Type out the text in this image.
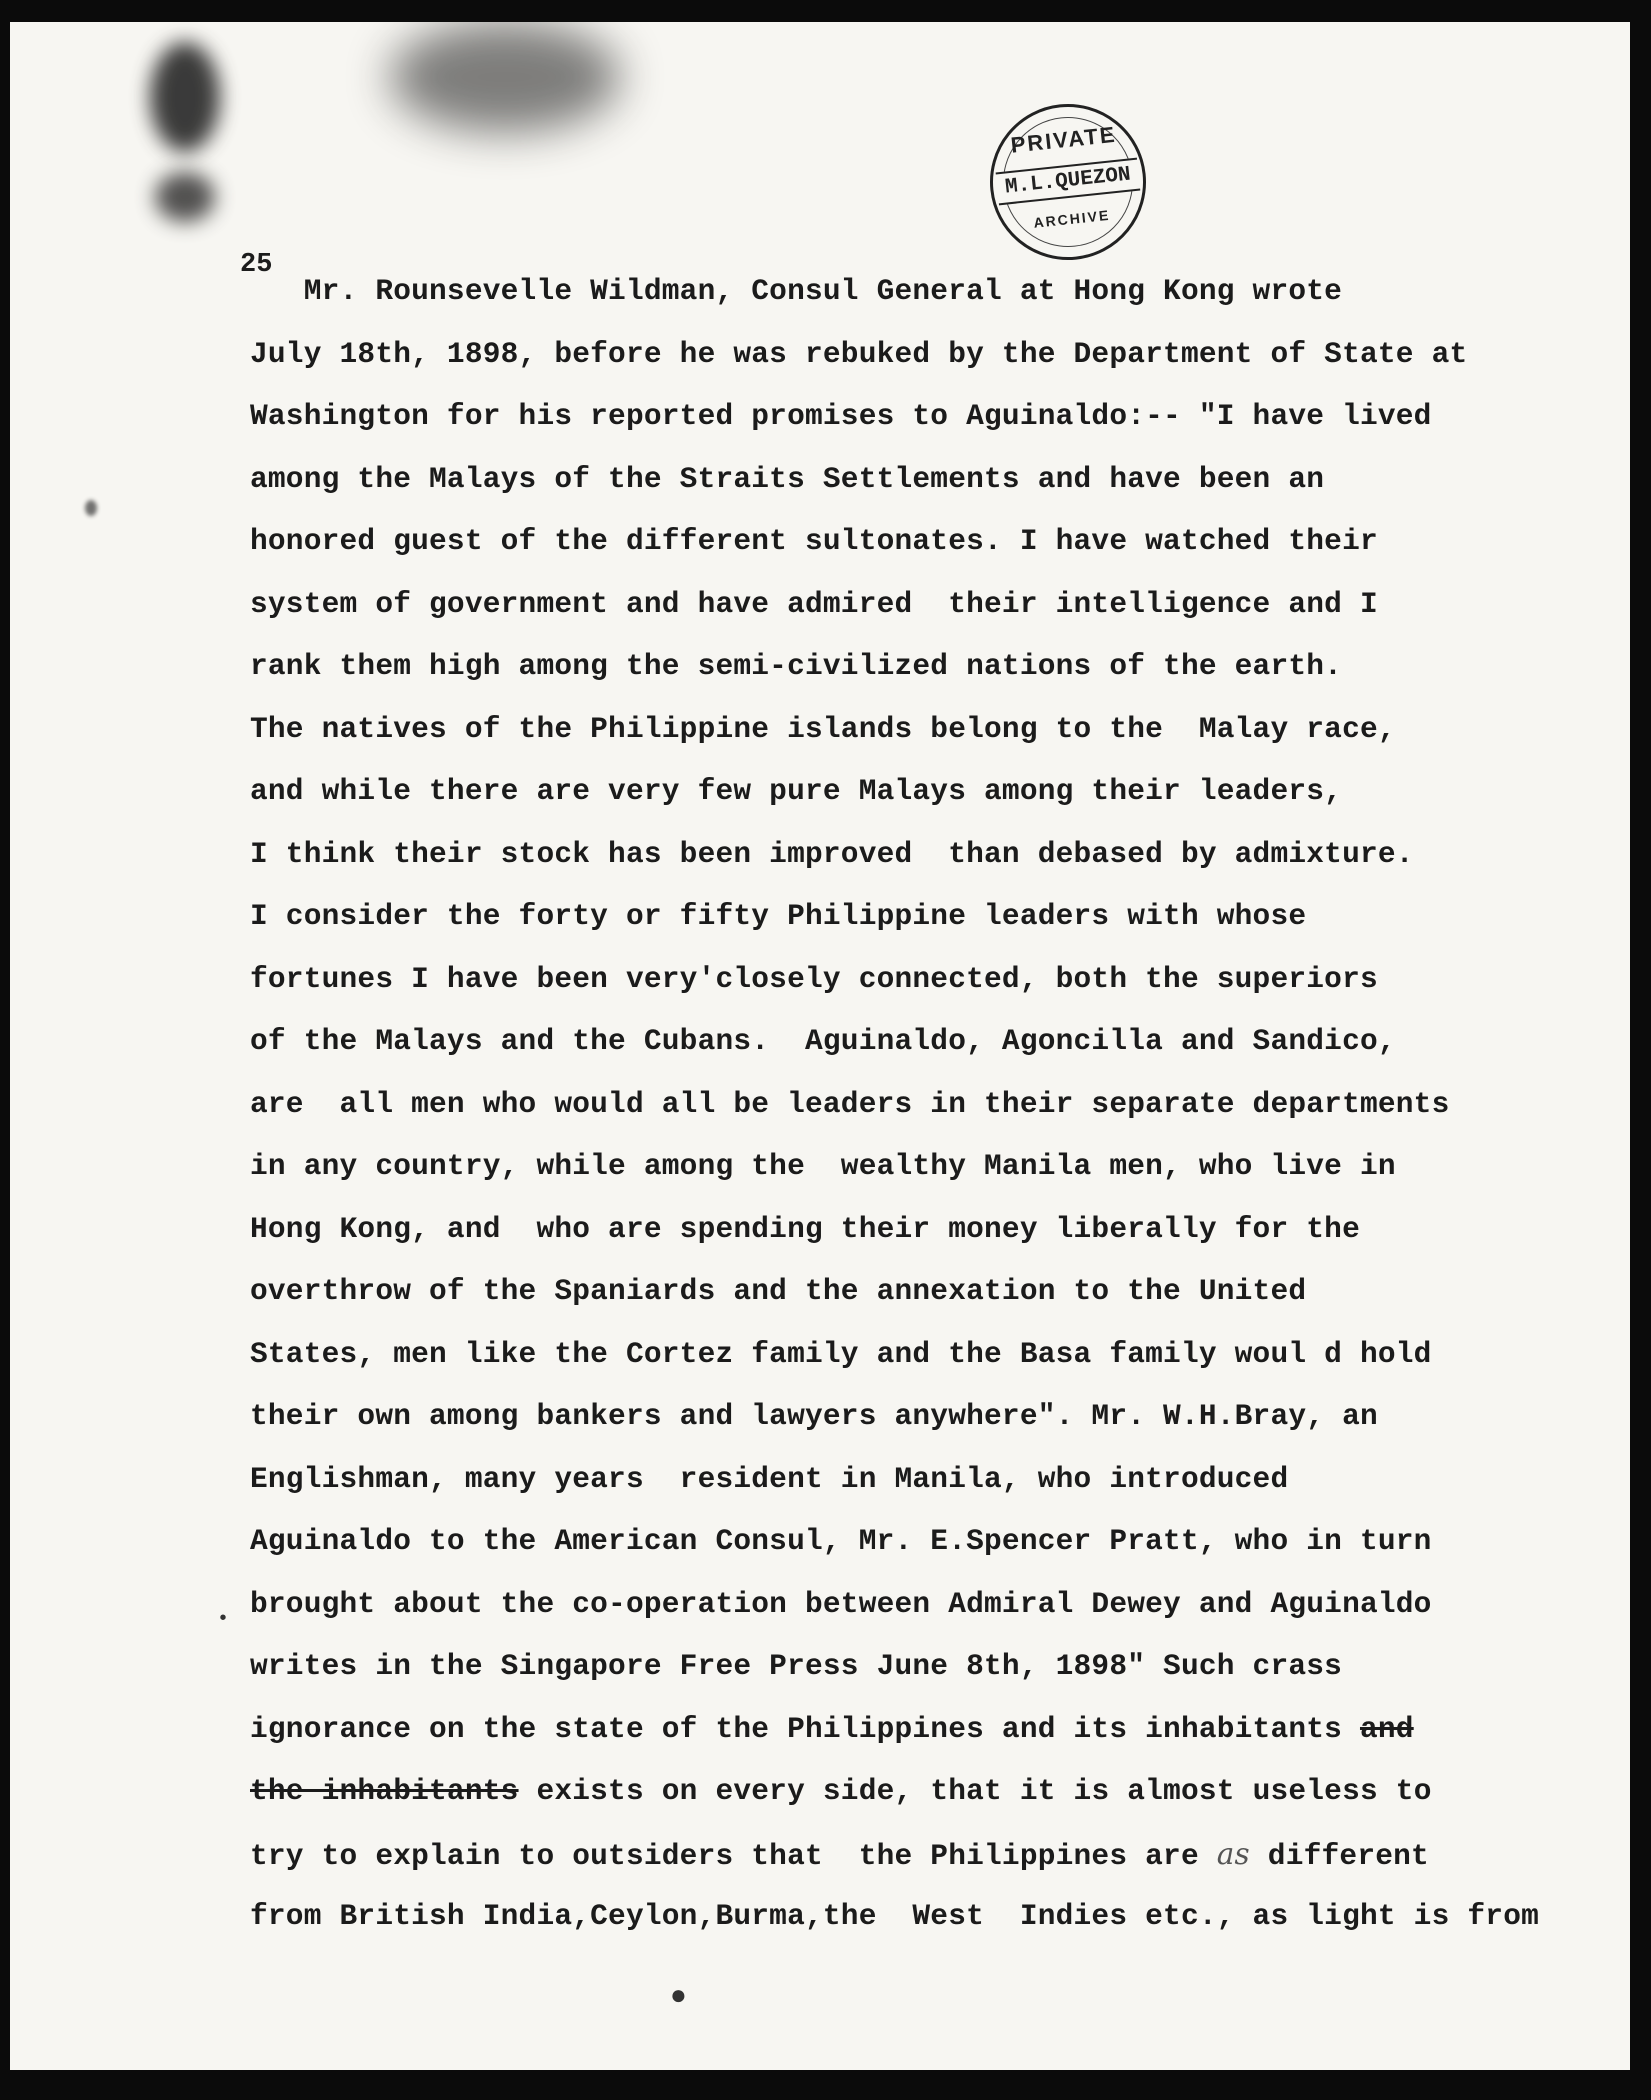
PRIVATE
M.L.QUEZON
ARCHIVE
25
Mr. Rounsevelle Wildman, Consul General at Hong Kong wrote
July 18th, 1898, before he was rebuked by the Department of State at
Washington for his reported promises to Aguinaldo:-- "I have lived
among the Malays of the Straits Settlements and have been an
honored guest of the different sultonates. I have watched their
system of government and have admired  their intelligence and I
rank them high among the semi-civilized nations of the earth.
The natives of the Philippine islands belong to the  Malay race,
and while there are very few pure Malays among their leaders,
I think their stock has been improved  than debased by admixture.
I consider the forty or fifty Philippine leaders with whose
fortunes I have been very'closely connected, both the superiors
of the Malays and the Cubans.  Aguinaldo, Agoncilla and Sandico,
are  all men who would all be leaders in their separate departments
in any country, while among the  wealthy Manila men, who live in
Hong Kong, and  who are spending their money liberally for the
overthrow of the Spaniards and the annexation to the United
States, men like the Cortez family and the Basa family woul d hold
their own among bankers and lawyers anywhere". Mr. W.H.Bray, an
Englishman, many years  resident in Manila, who introduced
Aguinaldo to the American Consul, Mr. E.Spencer Pratt, who in turn
brought about the co-operation between Admiral Dewey and Aguinaldo
writes in the Singapore Free Press June 8th, 1898" Such crass
ignorance on the state of the Philippines and its inhabitants and
the inhabitants exists on every side, that it is almost useless to
try to explain to outsiders that  the Philippines are as different
from British India,Ceylon,Burma,the  West  Indies etc., as light is from
•
●
